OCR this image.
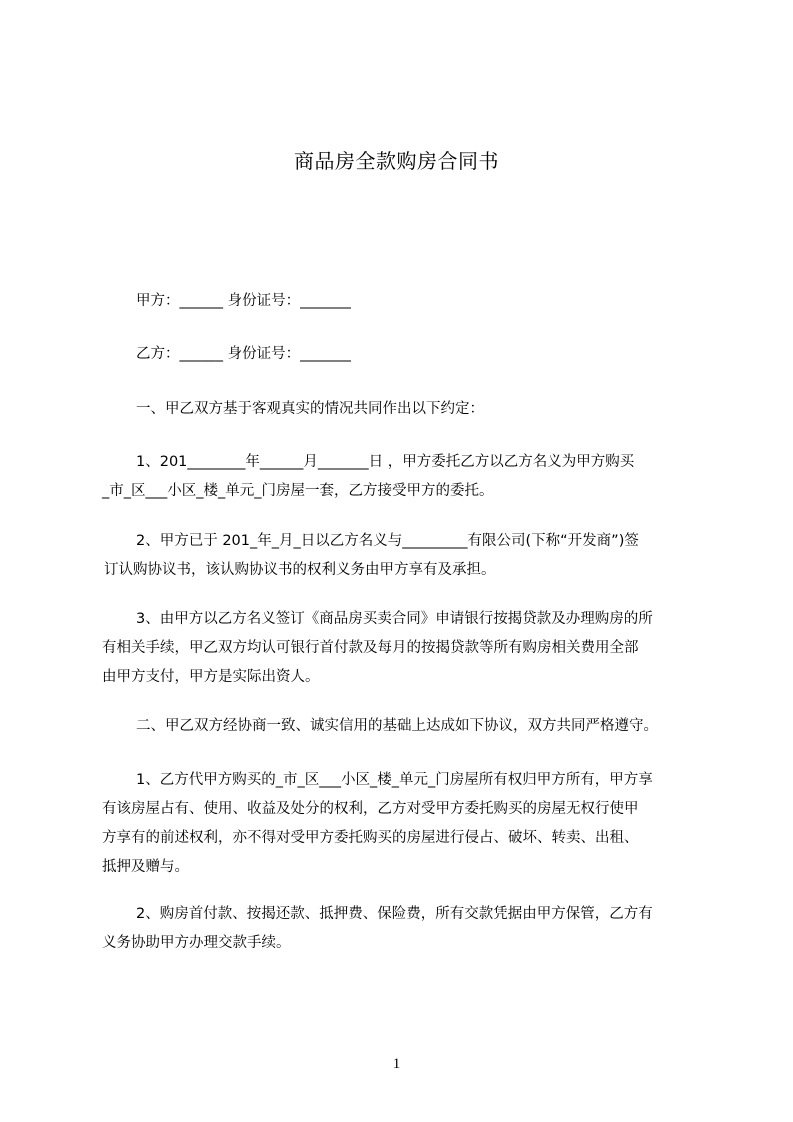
商品房全款购房合同书
甲方：______ 身份证号：_______
乙方：______ 身份证号：_______
一、甲乙双方基于客观真实的情况共同作出以下约定：
1、201________年______月_______日 ，甲方委托乙方以乙方名义为甲方购买
_市_区___小区_楼_单元_门房屋一套，乙方接受甲方的委托。
2、甲方已于 201_年_月_日以乙方名义与_________有限公司(下称“开发商”)签
订认购协议书，该认购协议书的权利义务由甲方享有及承担。
3、由甲方以乙方名义签订《商品房买卖合同》申请银行按揭贷款及办理购房的所
有相关手续，甲乙双方均认可银行首付款及每月的按揭贷款等所有购房相关费用全部
由甲方支付，甲方是实际出资人。
二、甲乙双方经协商一致、诚实信用的基础上达成如下协议，双方共同严格遵守。
1、乙方代甲方购买的_市_区___小区_楼_单元_门房屋所有权归甲方所有，甲方享
有该房屋占有、使用、收益及处分的权利，乙方对受甲方委托购买的房屋无权行使甲
方享有的前述权利，亦不得对受甲方委托购买的房屋进行侵占、破坏、转卖、出租、
抵押及赠与。
2、购房首付款、按揭还款、抵押费、保险费，所有交款凭据由甲方保管，乙方有
义务协助甲方办理交款手续。
1
